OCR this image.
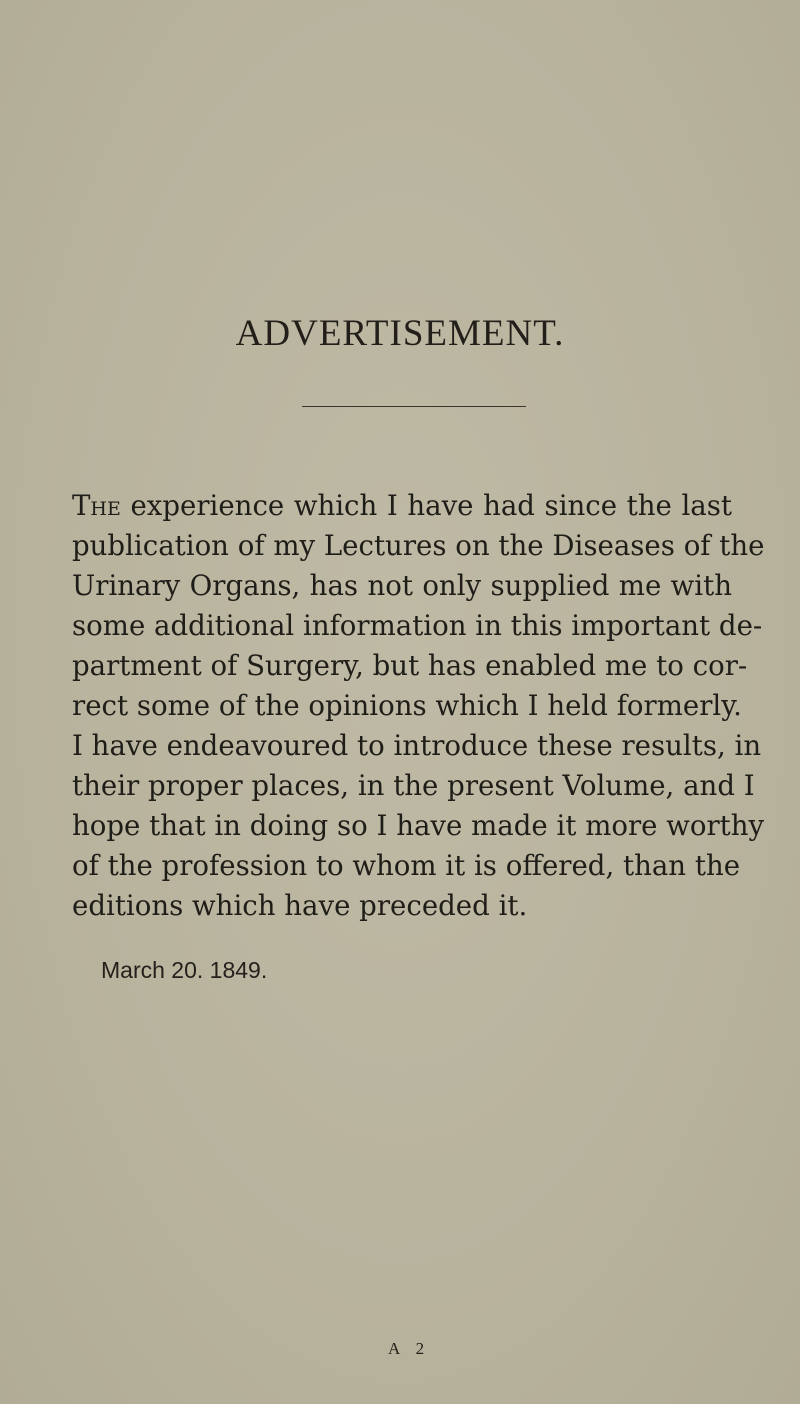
ADVERTISEMENT.
The experience which I have had since the last
publication of my Lectures on the Diseases of the
Urinary Organs, has not only supplied me with
some additional information in this important de-
partment of Surgery, but has enabled me to cor-
rect some of the opinions which I held formerly.
I have endeavoured to introduce these results, in
their proper places, in the present Volume, and I
hope that in doing so I have made it more worthy
of the profession to whom it is offered, than the
editions which have preceded it.
March 20. 1849.
A 2
